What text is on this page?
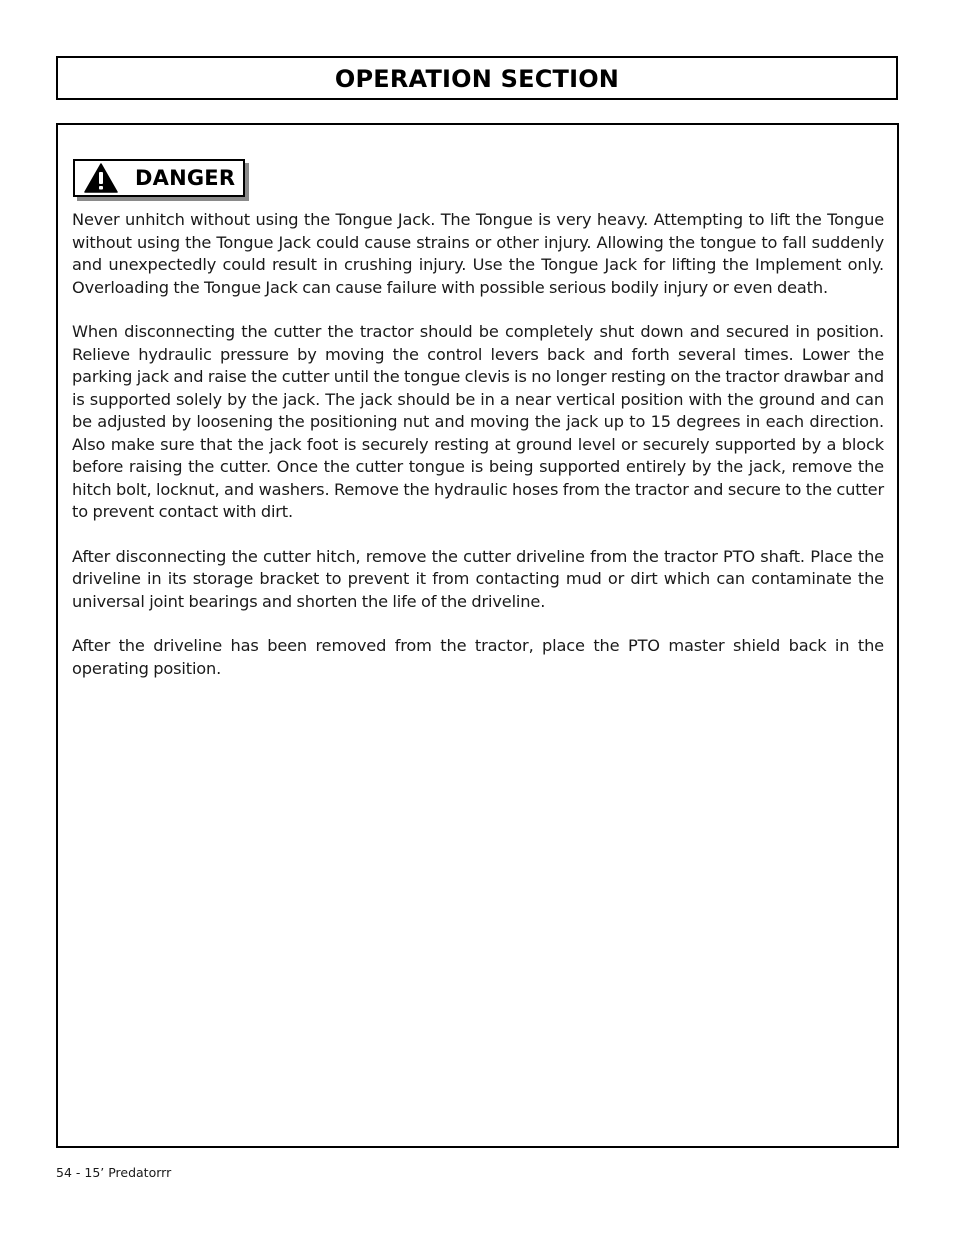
OPERATION SECTION
DANGER

Never unhitch without using the Tongue Jack. The Tongue is very heavy. Attempting to lift the Tongue without using the Tongue Jack could cause strains or other injury. Allowing the tongue to fall suddenly and unexpectedly could result in crushing injury. Use the Tongue Jack for lifting the Implement only. Overloading the Tongue Jack can cause failure with possible serious bodily injury or even death.

When disconnecting the cutter the tractor should be completely shut down and secured in position. Relieve hydraulic pressure by moving the control levers back and forth several times. Lower the parking jack and raise the cutter until the tongue clevis is no longer resting on the tractor drawbar and is supported solely by the jack. The jack should be in a near vertical position with the ground and can be adjusted by loosening the positioning nut and moving the jack up to 15 degrees in each direction. Also make sure that the jack foot is securely resting at ground level or securely supported by a block before raising the cutter. Once the cutter tongue is being supported entirely by the jack, remove the hitch bolt, locknut, and washers. Remove the hydraulic hoses from the tractor and secure to the cutter to prevent contact with dirt.

After disconnecting the cutter hitch, remove the cutter driveline from the tractor PTO shaft. Place the driveline in its storage bracket to prevent it from contacting mud or dirt which can contaminate the universal joint bearings and shorten the life of the driveline.

After the driveline has been removed from the tractor, place the PTO master shield back in the operating position.

54 - 15’ Predatorrr
